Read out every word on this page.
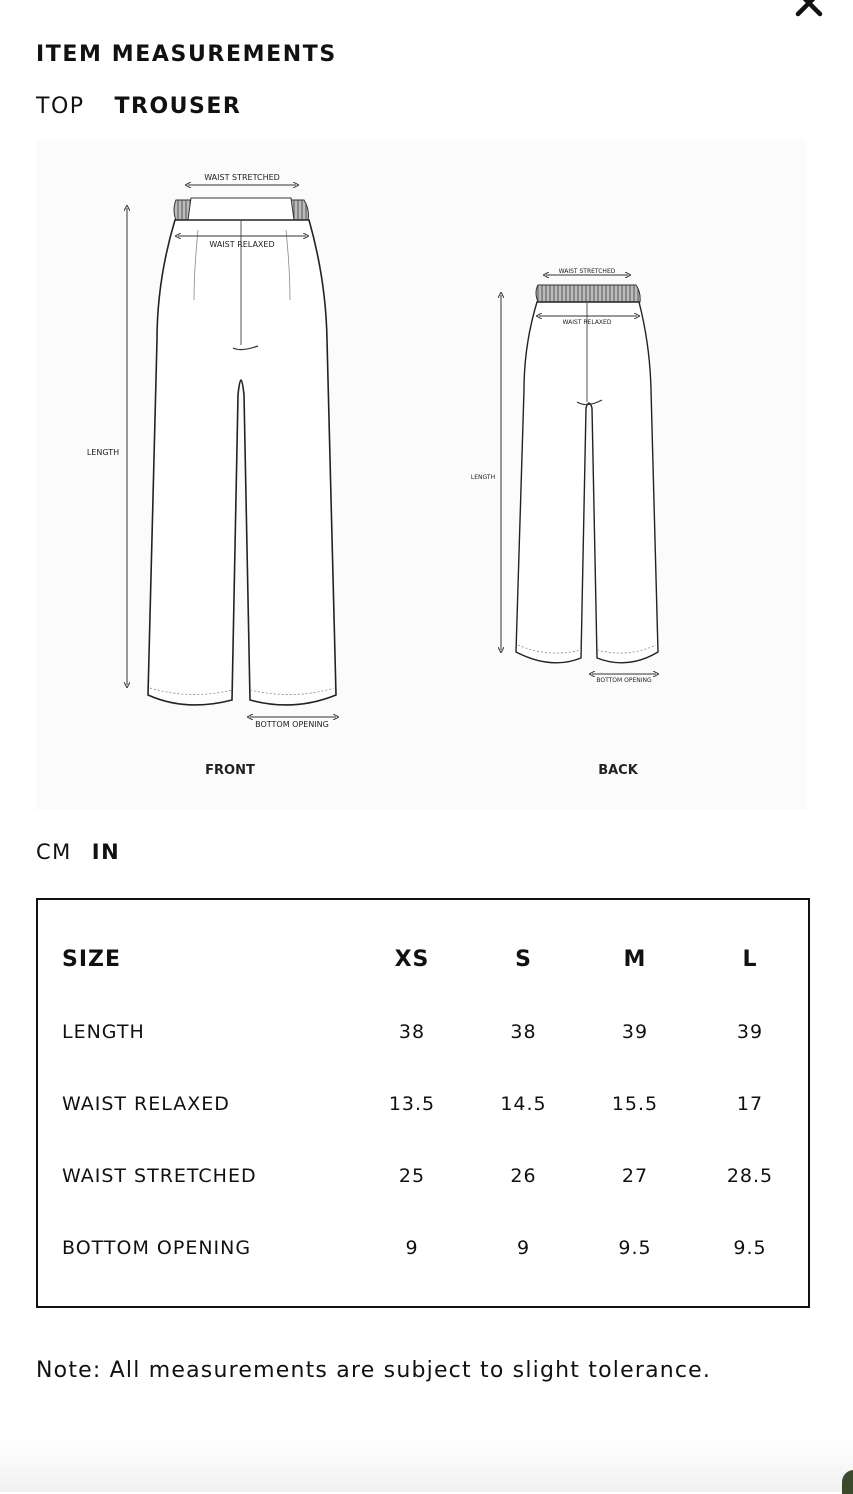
ITEM MEASUREMENTS
TOP TROUSER
WAIST STRETCHED
WAIST RELAXED
LENGTH
BOTTOM OPENING
FRONT
WAIST STRETCHED
WAIST RELAXED
LENGTH
BOTTOM OPENING
BACK
CM IN
SIZE	XS	S	M	L
LENGTH	38	38	39	39
WAIST RELAXED	13.5	14.5	15.5	17
WAIST STRETCHED	25	26	27	28.5
BOTTOM OPENING	9	9	9.5	9.5

Note: All measurements are subject to slight tolerance.
